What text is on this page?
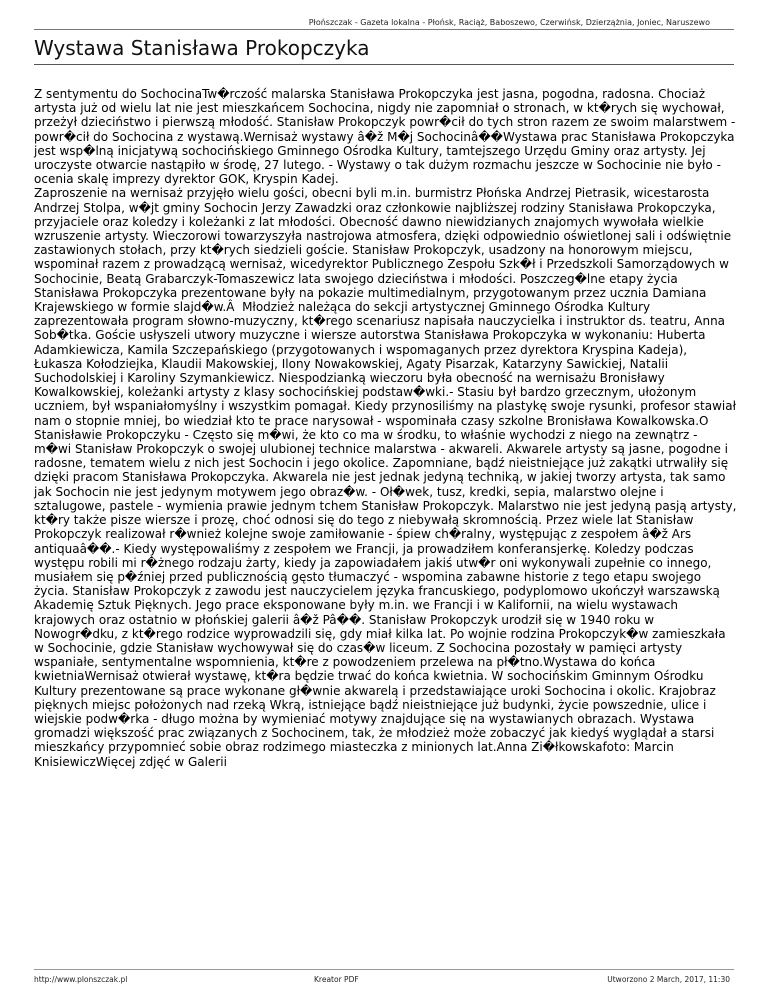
Płońszczak - Gazeta lokalna - Płońsk, Raciąż, Baboszewo, Czerwińsk, Dzierzążnia, Joniec, Naruszewo
Wystawa Stanisława Prokopczyka
Z sentymentu do SochocinaTw�rczość malarska Stanisława Prokopczyka jest jasna, pogodna, radosna. Chociaż artysta już od wielu lat nie jest mieszkańcem Sochocina, nigdy nie zapomniał o stronach, w kt�rych się wychował, przeżył dzieciństwo i pierwszą młodość. Stanisław Prokopczyk powr�cił do tych stron razem ze swoim malarstwem - powr�cił do Sochocina z wystawą.Wernisaż wystawy â�ž M�j Sochocinâ��Wystawa prac Stanisława Prokopczyka jest wsp�lną inicjatywą sochocińskiego Gminnego Ośrodka Kultury, tamtejszego Urzędu Gminy oraz artysty. Jej uroczyste otwarcie nastąpiło w środę, 27 lutego. - Wystawy o tak dużym rozmachu jeszcze w Sochocinie nie było - ocenia skalę imprezy dyrektor GOK, Kryspin Kadej.
Zaproszenie na wernisaż przyjęło wielu gości, obecni byli m.in. burmistrz Płońska Andrzej Pietrasik, wicestarosta Andrzej Stolpa, w�jt gminy Sochocin Jerzy Zawadzki oraz członkowie najbliższej rodziny Stanisława Prokopczyka, przyjaciele oraz koledzy i koleżanki z lat młodości. Obecność dawno niewidzianych znajomych wywołała wielkie wzruszenie artysty. Wieczorowi towarzyszyła nastrojowa atmosfera, dzięki odpowiednio oświetlonej sali i odświętnie zastawionych stołach, przy kt�rych siedzieli goście. Stanisław Prokopczyk, usadzony na honorowym miejscu, wspominał razem z prowadzącą wernisaż, wicedyrektor Publicznego Zespołu Szk�ł i Przedszkoli Samorządowych w Sochocinie, Beatą Grabarczyk-Tomaszewicz lata swojego dzieciństwa i młodości. Poszczeg�lne etapy życia Stanisława Prokopczyka prezentowane były na pokazie multimedialnym, przygotowanym przez ucznia Damiana Krajewskiego w formie slajd�w.Â  Młodzież należąca do sekcji artystycznej Gminnego Ośrodka Kultury zaprezentowała program słowno-muzyczny, kt�rego scenariusz napisała nauczycielka i instruktor ds. teatru, Anna Sob�tka. Goście usłyszeli utwory muzyczne i wiersze autorstwa Stanisława Prokopczyka w wykonaniu: Huberta Adamkiewicza, Kamila Szczepańskiego (przygotowanych i wspomaganych przez dyrektora Kryspina Kadeja), Łukasza Kołodziejka, Klaudii Makowskiej, Ilony Nowakowskiej, Agaty Pisarzak, Katarzyny Sawickiej, Natalii Suchodolskiej i Karoliny Szymankiewicz. Niespodzianką wieczoru była obecność na wernisażu Bronisławy Kowalkowskiej, koleżanki artysty z klasy sochocińskiej podstaw�wki.- Stasiu był bardzo grzecznym, ułożonym uczniem, był wspaniałomyślny i wszystkim pomagał. Kiedy przynosiliśmy na plastykę swoje rysunki, profesor stawiał nam o stopnie mniej, bo wiedział kto te prace narysował - wspominała czasy szkolne Bronisława Kowalkowska.O Stanisławie Prokopczyku - Często się m�wi, że kto co ma w środku, to właśnie wychodzi z niego na zewnątrz - m�wi Stanisław Prokopczyk o swojej ulubionej technice malarstwa - akwareli. Akwarele artysty są jasne, pogodne i radosne, tematem wielu z nich jest Sochocin i jego okolice. Zapomniane, bądź nieistniejące już zakątki utrwaliły się dzięki pracom Stanisława Prokopczyka. Akwarela nie jest jednak jedyną techniką, w jakiej tworzy artysta, tak samo jak Sochocin nie jest jedynym motywem jego obraz�w. - Oł�wek, tusz, kredki, sepia, malarstwo olejne i sztalugowe, pastele - wymienia prawie jednym tchem Stanisław Prokopczyk. Malarstwo nie jest jedyną pasją artysty, kt�ry także pisze wiersze i prozę, choć odnosi się do tego z niebywałą skromnością. Przez wiele lat Stanisław Prokopczyk realizował r�wnież kolejne swoje zamiłowanie - śpiew ch�ralny, występując z zespołem â�ž Ars antiquaâ��.- Kiedy występowaliśmy z zespołem we Francji, ja prowadziłem konferansjerkę. Koledzy podczas występu robili mi r�żnego rodzaju żarty, kiedy ja zapowiadałem jakiś utw�r oni wykonywali zupełnie co innego, musiałem się p�źniej przed publicznością gęsto tłumaczyć - wspomina zabawne historie z tego etapu swojego życia. Stanisław Prokopczyk z zawodu jest nauczycielem języka francuskiego, podyplomowo ukończył warszawską Akademię Sztuk Pięknych. Jego prace eksponowane były m.in. we Francji i w Kalifornii, na wielu wystawach krajowych oraz ostatnio w płońskiej galerii â�ž Pâ��. Stanisław Prokopczyk urodził się w 1940 roku w Nowogr�dku, z kt�rego rodzice wyprowadzili się, gdy miał kilka lat. Po wojnie rodzina Prokopczyk�w zamieszkała w Sochocinie, gdzie Stanisław wychowywał się do czas�w liceum. Z Sochocina pozostały w pamięci artysty wspaniałe, sentymentalne wspomnienia, kt�re z powodzeniem przelewa na pł�tno.Wystawa do końca kwietniaWernisaż otwierał wystawę, kt�ra będzie trwać do końca kwietnia. W sochocińskim Gminnym Ośrodku Kultury prezentowane są prace wykonane gł�wnie akwarelą i przedstawiające uroki Sochocina i okolic. Krajobraz pięknych miejsc położonych nad rzeką Wkrą, istniejące bądź nieistniejące już budynki, życie powszednie, ulice i wiejskie podw�rka - długo można by wymieniać motywy znajdujące się na wystawianych obrazach. Wystawa gromadzi większość prac związanych z Sochocinem, tak, że młodzież może zobaczyć jak kiedyś wyglądał a starsi mieszkańcy przypomnieć sobie obraz rodzimego miasteczka z minionych lat.Anna Zi�łkowskafoto: Marcin KnisiewiczWięcej zdjęć w Galerii
http://www.plonszczak.pl	Kreator PDF	Utworzono 2 March, 2017, 11:30
